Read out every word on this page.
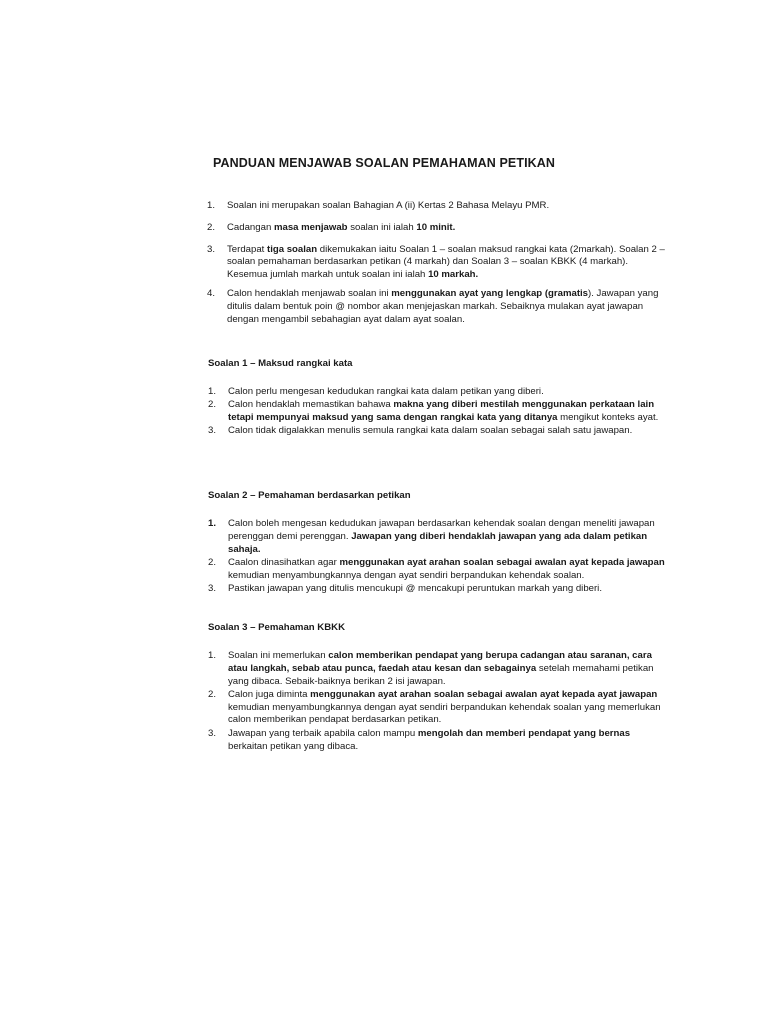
PANDUAN MENJAWAB SOALAN PEMAHAMAN PETIKAN
1.	Soalan ini merupakan soalan Bahagian A (ii) Kertas 2 Bahasa Melayu PMR.
2.	Cadangan masa menjawab soalan ini ialah 10 minit.
3.	Terdapat tiga soalan dikemukakan iaitu Soalan 1 – soalan maksud rangkai kata (2markah). Soalan 2 – soalan pemahaman berdasarkan petikan (4 markah) dan Soalan 3 – soalan KBKK (4 markah). Kesemua jumlah markah untuk soalan ini ialah 10 markah.
4.	Calon hendaklah menjawab soalan ini menggunakan ayat yang lengkap (gramatis). Jawapan yang ditulis dalam bentuk poin @ nombor akan menjejaskan markah. Sebaiknya mulakan ayat jawapan dengan mengambil sebahagian ayat dalam ayat soalan.

Soalan 1 – Maksud rangkai kata

1.	Calon perlu mengesan kedudukan rangkai kata dalam petikan yang diberi.
2.	Calon hendaklah memastikan bahawa makna yang diberi mestilah menggunakan perkataan lain tetapi mempunyai maksud yang sama dengan rangkai kata yang ditanya mengikut konteks ayat.
3.	Calon tidak digalakkan menulis semula rangkai kata dalam soalan sebagai salah satu jawapan.

Soalan 2 – Pemahaman berdasarkan petikan

1.	Calon boleh mengesan kedudukan jawapan berdasarkan kehendak soalan dengan meneliti jawapan perenggan demi perenggan. Jawapan yang diberi hendaklah jawapan yang ada dalam petikan sahaja.
2.	Caalon dinasihatkan agar menggunakan ayat arahan soalan sebagai awalan ayat kepada jawapan kemudian menyambungkannya dengan ayat sendiri berpandukan kehendak soalan.
3.	Pastikan jawapan yang ditulis mencukupi @ mencakupi peruntukan markah yang diberi.

Soalan 3 – Pemahaman KBKK

1.	Soalan ini memerlukan calon memberikan pendapat yang berupa cadangan atau saranan, cara atau langkah, sebab atau punca, faedah atau kesan dan sebagainya setelah memahami petikan yang dibaca. Sebaik-baiknya berikan 2 isi jawapan.
2.	Calon juga diminta menggunakan ayat arahan soalan sebagai awalan ayat kepada ayat jawapan kemudian menyambungkannya dengan ayat sendiri berpandukan kehendak soalan yang memerlukan calon memberikan pendapat berdasarkan petikan.
3.	Jawapan yang terbaik apabila calon mampu mengolah dan memberi pendapat yang bernas berkaitan petikan yang dibaca.
